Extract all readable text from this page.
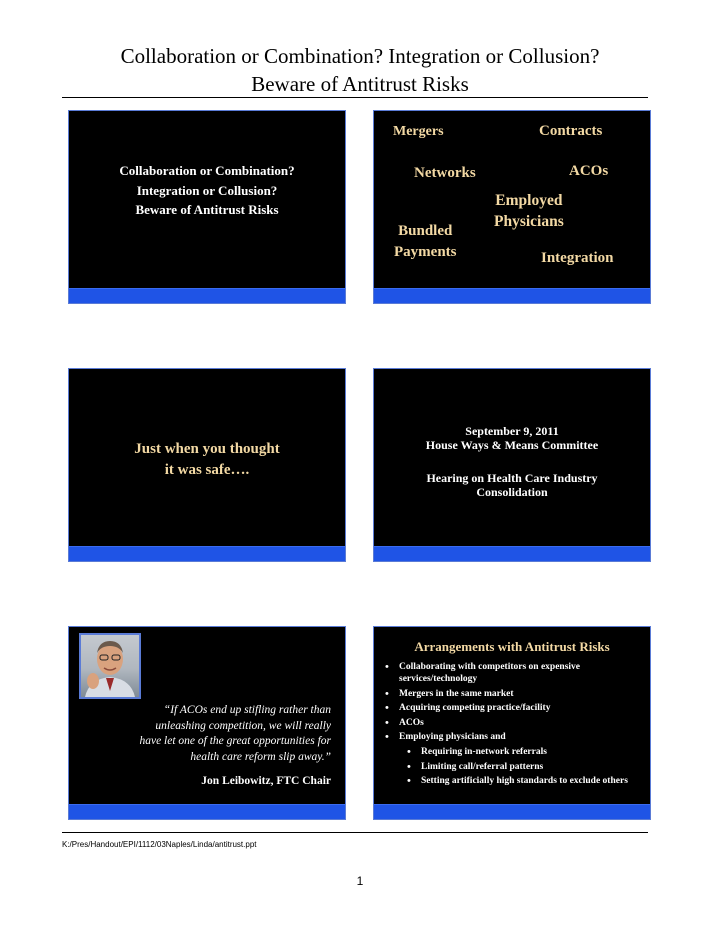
Collaboration or Combination? Integration or Collusion?
Beware of Antitrust Risks
Collaboration or Combination?
Integration or Collusion?
Beware of Antitrust Risks
Mergers	Contracts
Networks	ACOs
Employed
Physicians
Bundled
Payments	Integration
Just when you thought
it was safe….
September 9, 2011
House Ways & Means Committee
Hearing on Health Care Industry
Consolidation
“If ACOs end up stifling rather than
unleashing competition, we will really
have let one of the great opportunities for
health care reform slip away.”
Jon Leibowitz, FTC Chair
Arrangements with Antitrust Risks
• Collaborating with competitors on expensive services/technology
• Mergers in the same market
• Acquiring competing practice/facility
• ACOs
• Employing physicians and
• Requiring in-network referrals
• Limiting call/referral patterns
• Setting artificially high standards to exclude others
K:/Pres/Handout/EPI/1112/03Naples/Linda/antitrust.ppt
1
